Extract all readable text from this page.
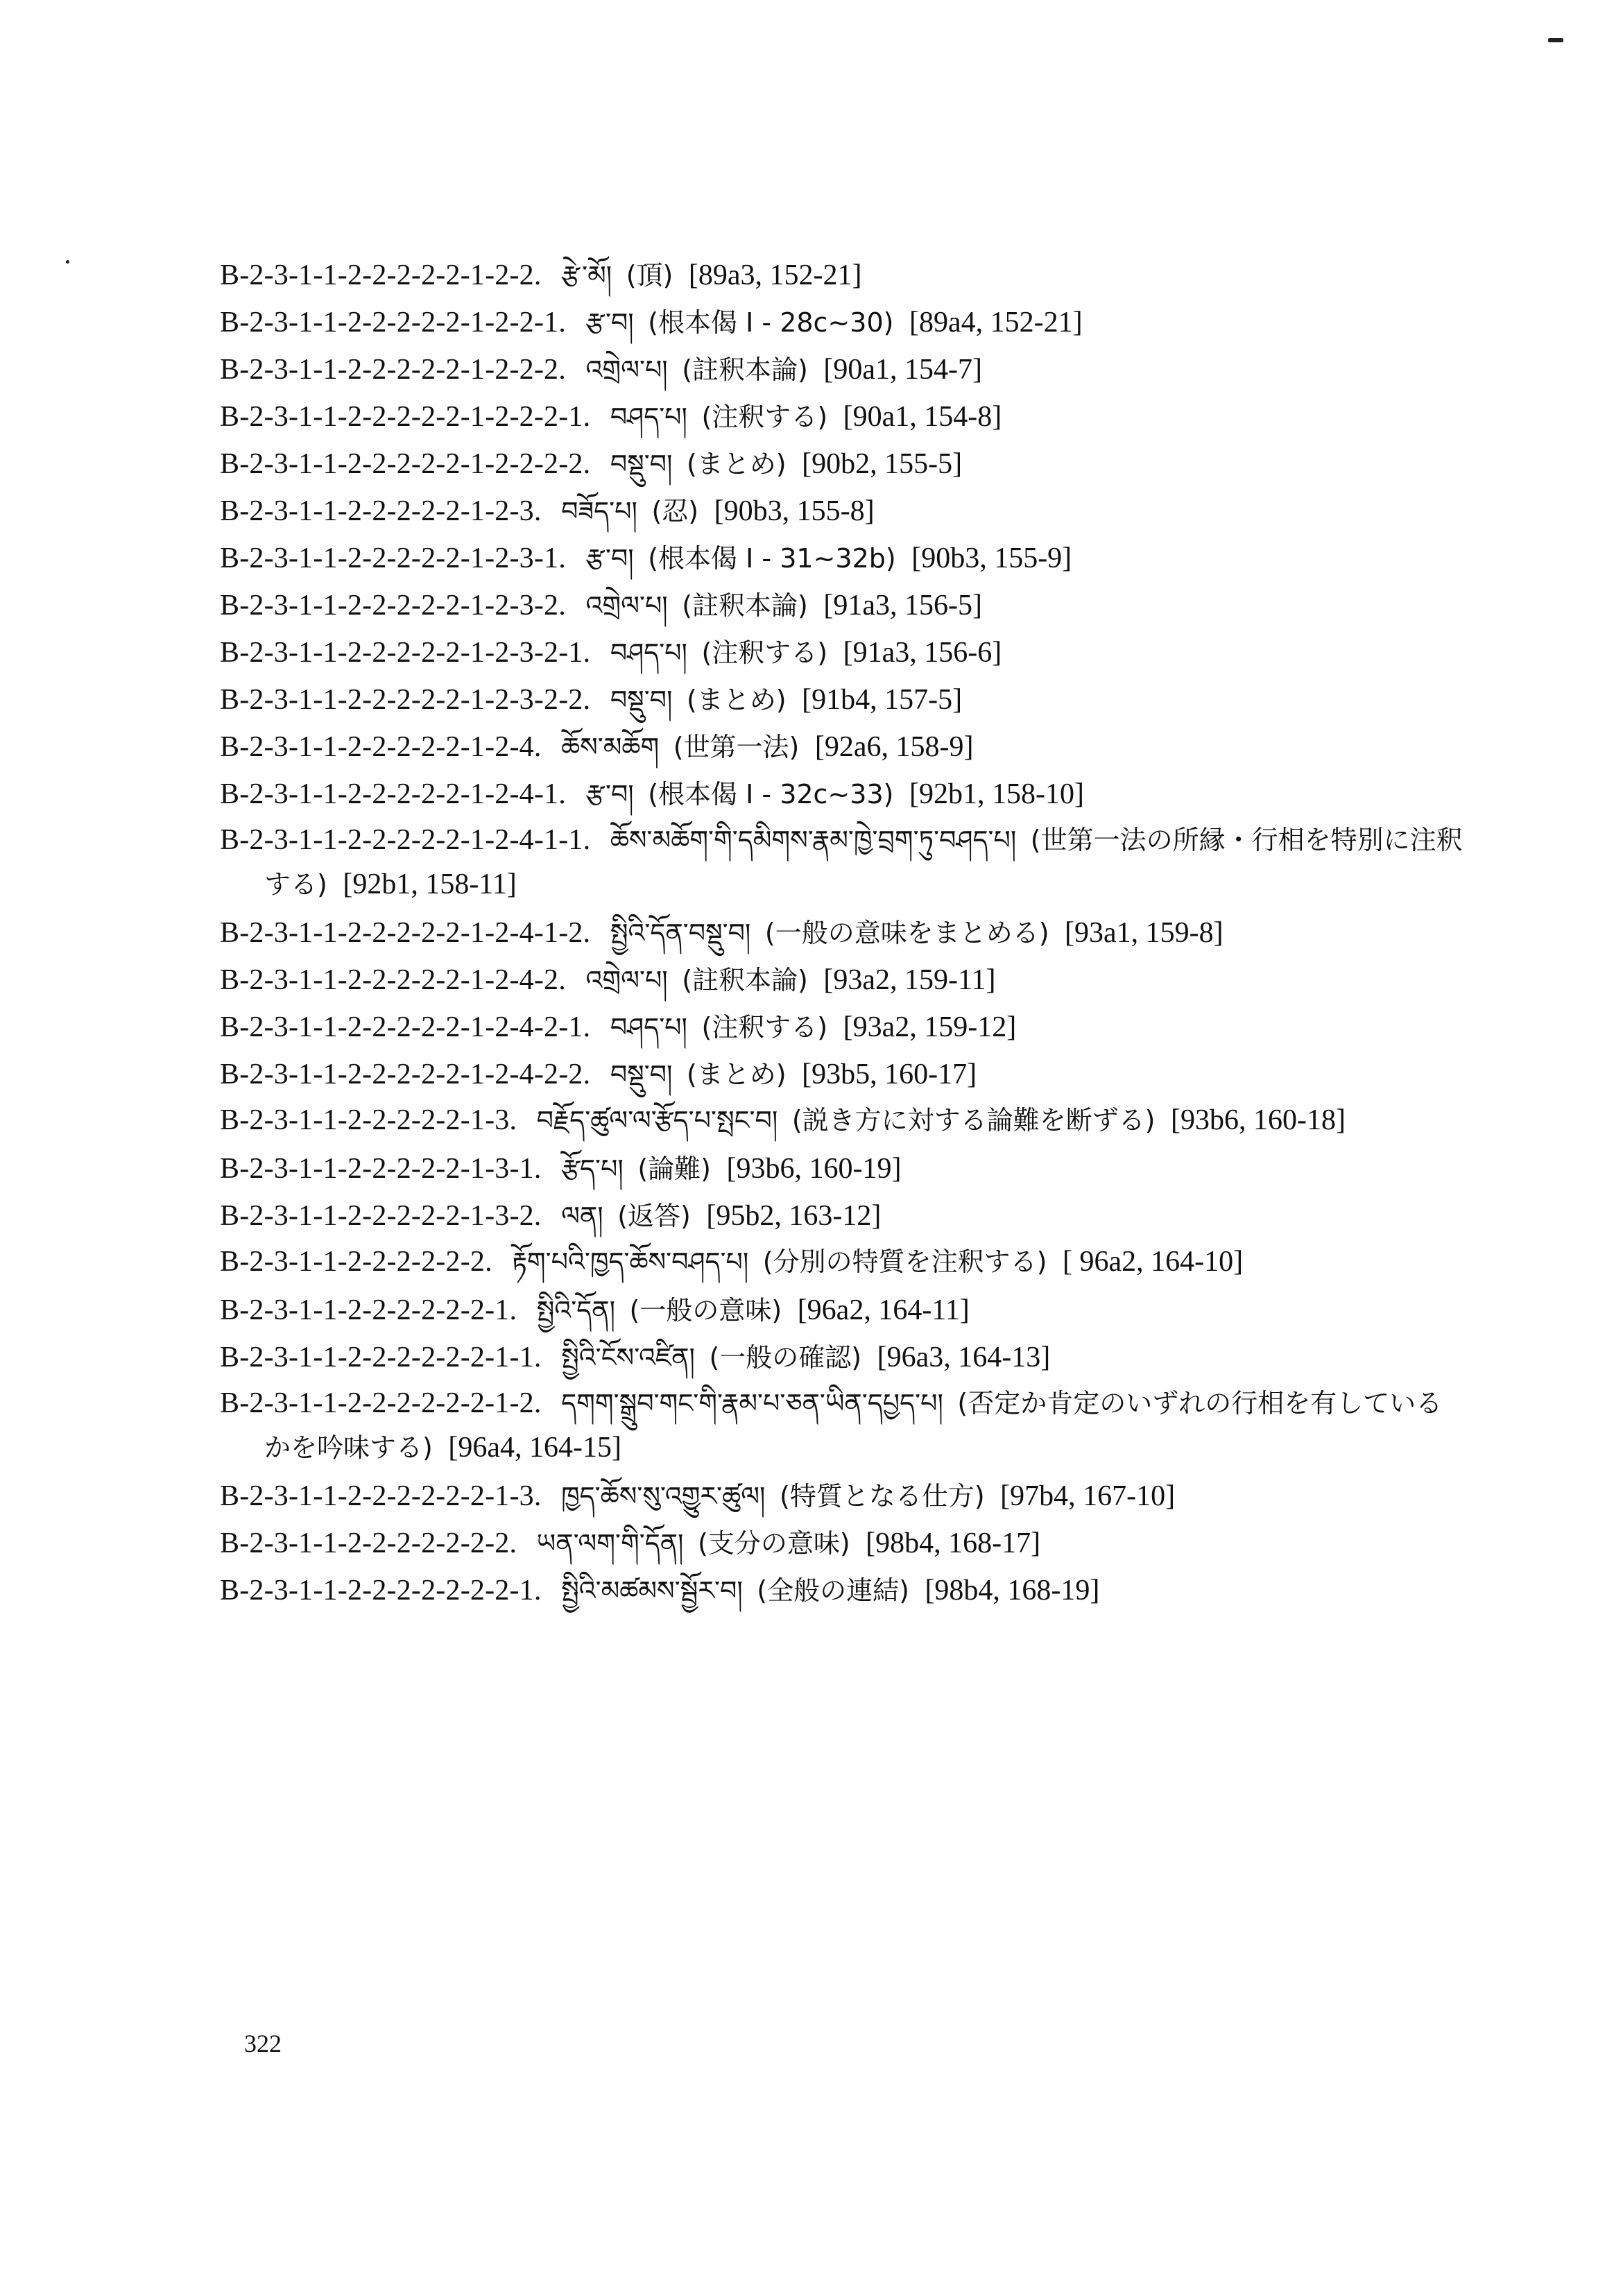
B-2-3-1-1-2-2-2-2-2-1-2-2. རྩེ་མོ། (頂) [89a3, 152-21]
B-2-3-1-1-2-2-2-2-2-1-2-2-1. རྩ་བ། (根本偈 I - 28c~30) [89a4, 152-21]
B-2-3-1-1-2-2-2-2-2-1-2-2-2. འགྲེལ་པ། (註釈本論) [90a1, 154-7]
B-2-3-1-1-2-2-2-2-2-1-2-2-2-1. བཤད་པ། (注釈する) [90a1, 154-8]
B-2-3-1-1-2-2-2-2-2-1-2-2-2-2. བསྡུ་བ། (まとめ) [90b2, 155-5]
B-2-3-1-1-2-2-2-2-2-1-2-3. བཟོད་པ། (忍) [90b3, 155-8]
B-2-3-1-1-2-2-2-2-2-1-2-3-1. རྩ་བ། (根本偈 I - 31~32b) [90b3, 155-9]
B-2-3-1-1-2-2-2-2-2-1-2-3-2. འགྲེལ་པ། (註釈本論) [91a3, 156-5]
B-2-3-1-1-2-2-2-2-2-1-2-3-2-1. བཤད་པ། (注釈する) [91a3, 156-6]
B-2-3-1-1-2-2-2-2-2-1-2-3-2-2. བསྡུ་བ། (まとめ) [91b4, 157-5]
B-2-3-1-1-2-2-2-2-2-1-2-4. ཆོས་མཆོག (世第一法) [92a6, 158-9]
B-2-3-1-1-2-2-2-2-2-1-2-4-1. རྩ་བ། (根本偈 I - 32c~33) [92b1, 158-10]
B-2-3-1-1-2-2-2-2-2-1-2-4-1-1. ཆོས་མཆོག་གི་དམིགས་རྣམ་ཁྱེ་བྲག་ཏུ་བཤད་པ། (世第一法の所縁・行相を特別に注釈する) [92b1, 158-11]
B-2-3-1-1-2-2-2-2-2-1-2-4-1-2. སྤྱིའི་དོན་བསྡུ་བ། (一般の意味をまとめる) [93a1, 159-8]
B-2-3-1-1-2-2-2-2-2-1-2-4-2. འགྲེལ་པ། (註釈本論) [93a2, 159-11]
B-2-3-1-1-2-2-2-2-2-1-2-4-2-1. བཤད་པ། (注釈する) [93a2, 159-12]
B-2-3-1-1-2-2-2-2-2-1-2-4-2-2. བསྡུ་བ། (まとめ) [93b5, 160-17]
B-2-3-1-1-2-2-2-2-2-1-3. བརྗོད་ཚུལ་ལ་རྩོད་པ་སྤང་བ། (説き方に対する論難を断ずる) [93b6, 160-18]
B-2-3-1-1-2-2-2-2-2-1-3-1. རྩོད་པ། (論難) [93b6, 160-19]
B-2-3-1-1-2-2-2-2-2-1-3-2. ལན། (返答) [95b2, 163-12]
B-2-3-1-1-2-2-2-2-2-2. རྟོག་པའི་ཁྱད་ཆོས་བཤད་པ། (分別の特質を注釈する) [ 96a2, 164-10]
B-2-3-1-1-2-2-2-2-2-2-1. སྤྱིའི་དོན། (一般の意味) [96a2, 164-11]
B-2-3-1-1-2-2-2-2-2-2-1-1. སྤྱིའི་ངོས་འཛིན། (一般の確認) [96a3, 164-13]
B-2-3-1-1-2-2-2-2-2-2-1-2. དགག་སྒྲུབ་གང་གི་རྣམ་པ་ཅན་ཡིན་དཔྱད་པ། (否定か肯定のいずれの行相を有しているかを吟味する) [96a4, 164-15]
B-2-3-1-1-2-2-2-2-2-2-1-3. ཁྱད་ཆོས་སུ་འགྱུར་ཚུལ། (特質となる仕方) [97b4, 167-10]
B-2-3-1-1-2-2-2-2-2-2-2. ཡན་ལག་གི་དོན། (支分の意味) [98b4, 168-17]
B-2-3-1-1-2-2-2-2-2-2-2-1. སྤྱིའི་མཚམས་སྦྱོར་བ། (全般の連結) [98b4, 168-19]
322
